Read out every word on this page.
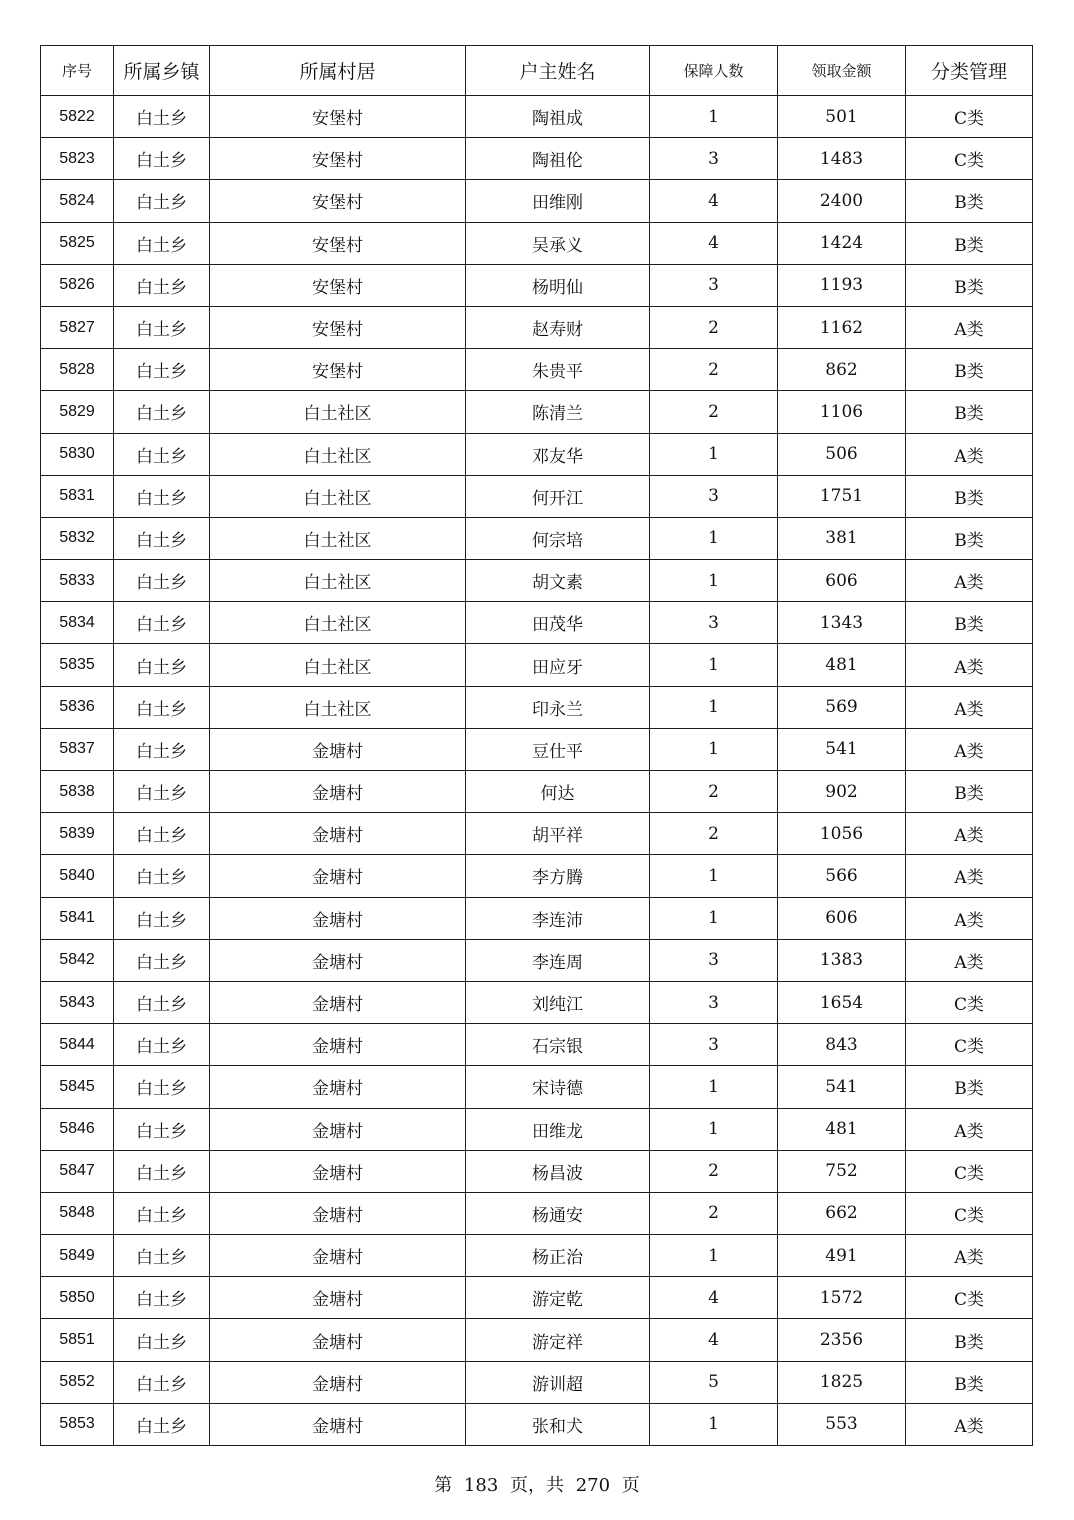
序号	所属乡镇	所属村居	户主姓名	保障人数	领取金额	分类管理
5822	白土乡	安堡村	陶祖成	1	501	C类
5823	白土乡	安堡村	陶祖伦	3	1483	C类
5824	白土乡	安堡村	田维刚	4	2400	B类
5825	白土乡	安堡村	吴承义	4	1424	B类
5826	白土乡	安堡村	杨明仙	3	1193	B类
5827	白土乡	安堡村	赵寿财	2	1162	A类
5828	白土乡	安堡村	朱贵平	2	862	B类
5829	白土乡	白土社区	陈清兰	2	1106	B类
5830	白土乡	白土社区	邓友华	1	506	A类
5831	白土乡	白土社区	何开江	3	1751	B类
5832	白土乡	白土社区	何宗培	1	381	B类
5833	白土乡	白土社区	胡文素	1	606	A类
5834	白土乡	白土社区	田茂华	3	1343	B类
5835	白土乡	白土社区	田应牙	1	481	A类
5836	白土乡	白土社区	印永兰	1	569	A类
5837	白土乡	金塘村	豆仕平	1	541	A类
5838	白土乡	金塘村	何达	2	902	B类
5839	白土乡	金塘村	胡平祥	2	1056	A类
5840	白土乡	金塘村	李方腾	1	566	A类
5841	白土乡	金塘村	李连沛	1	606	A类
5842	白土乡	金塘村	李连周	3	1383	A类
5843	白土乡	金塘村	刘纯江	3	1654	C类
5844	白土乡	金塘村	石宗银	3	843	C类
5845	白土乡	金塘村	宋诗德	1	541	B类
5846	白土乡	金塘村	田维龙	1	481	A类
5847	白土乡	金塘村	杨昌波	2	752	C类
5848	白土乡	金塘村	杨通安	2	662	C类
5849	白土乡	金塘村	杨正治	1	491	A类
5850	白土乡	金塘村	游定乾	4	1572	C类
5851	白土乡	金塘村	游定祥	4	2356	B类
5852	白土乡	金塘村	游训超	5	1825	B类
5853	白土乡	金塘村	张和犬	1	553	A类
第 183 页，共 270 页
